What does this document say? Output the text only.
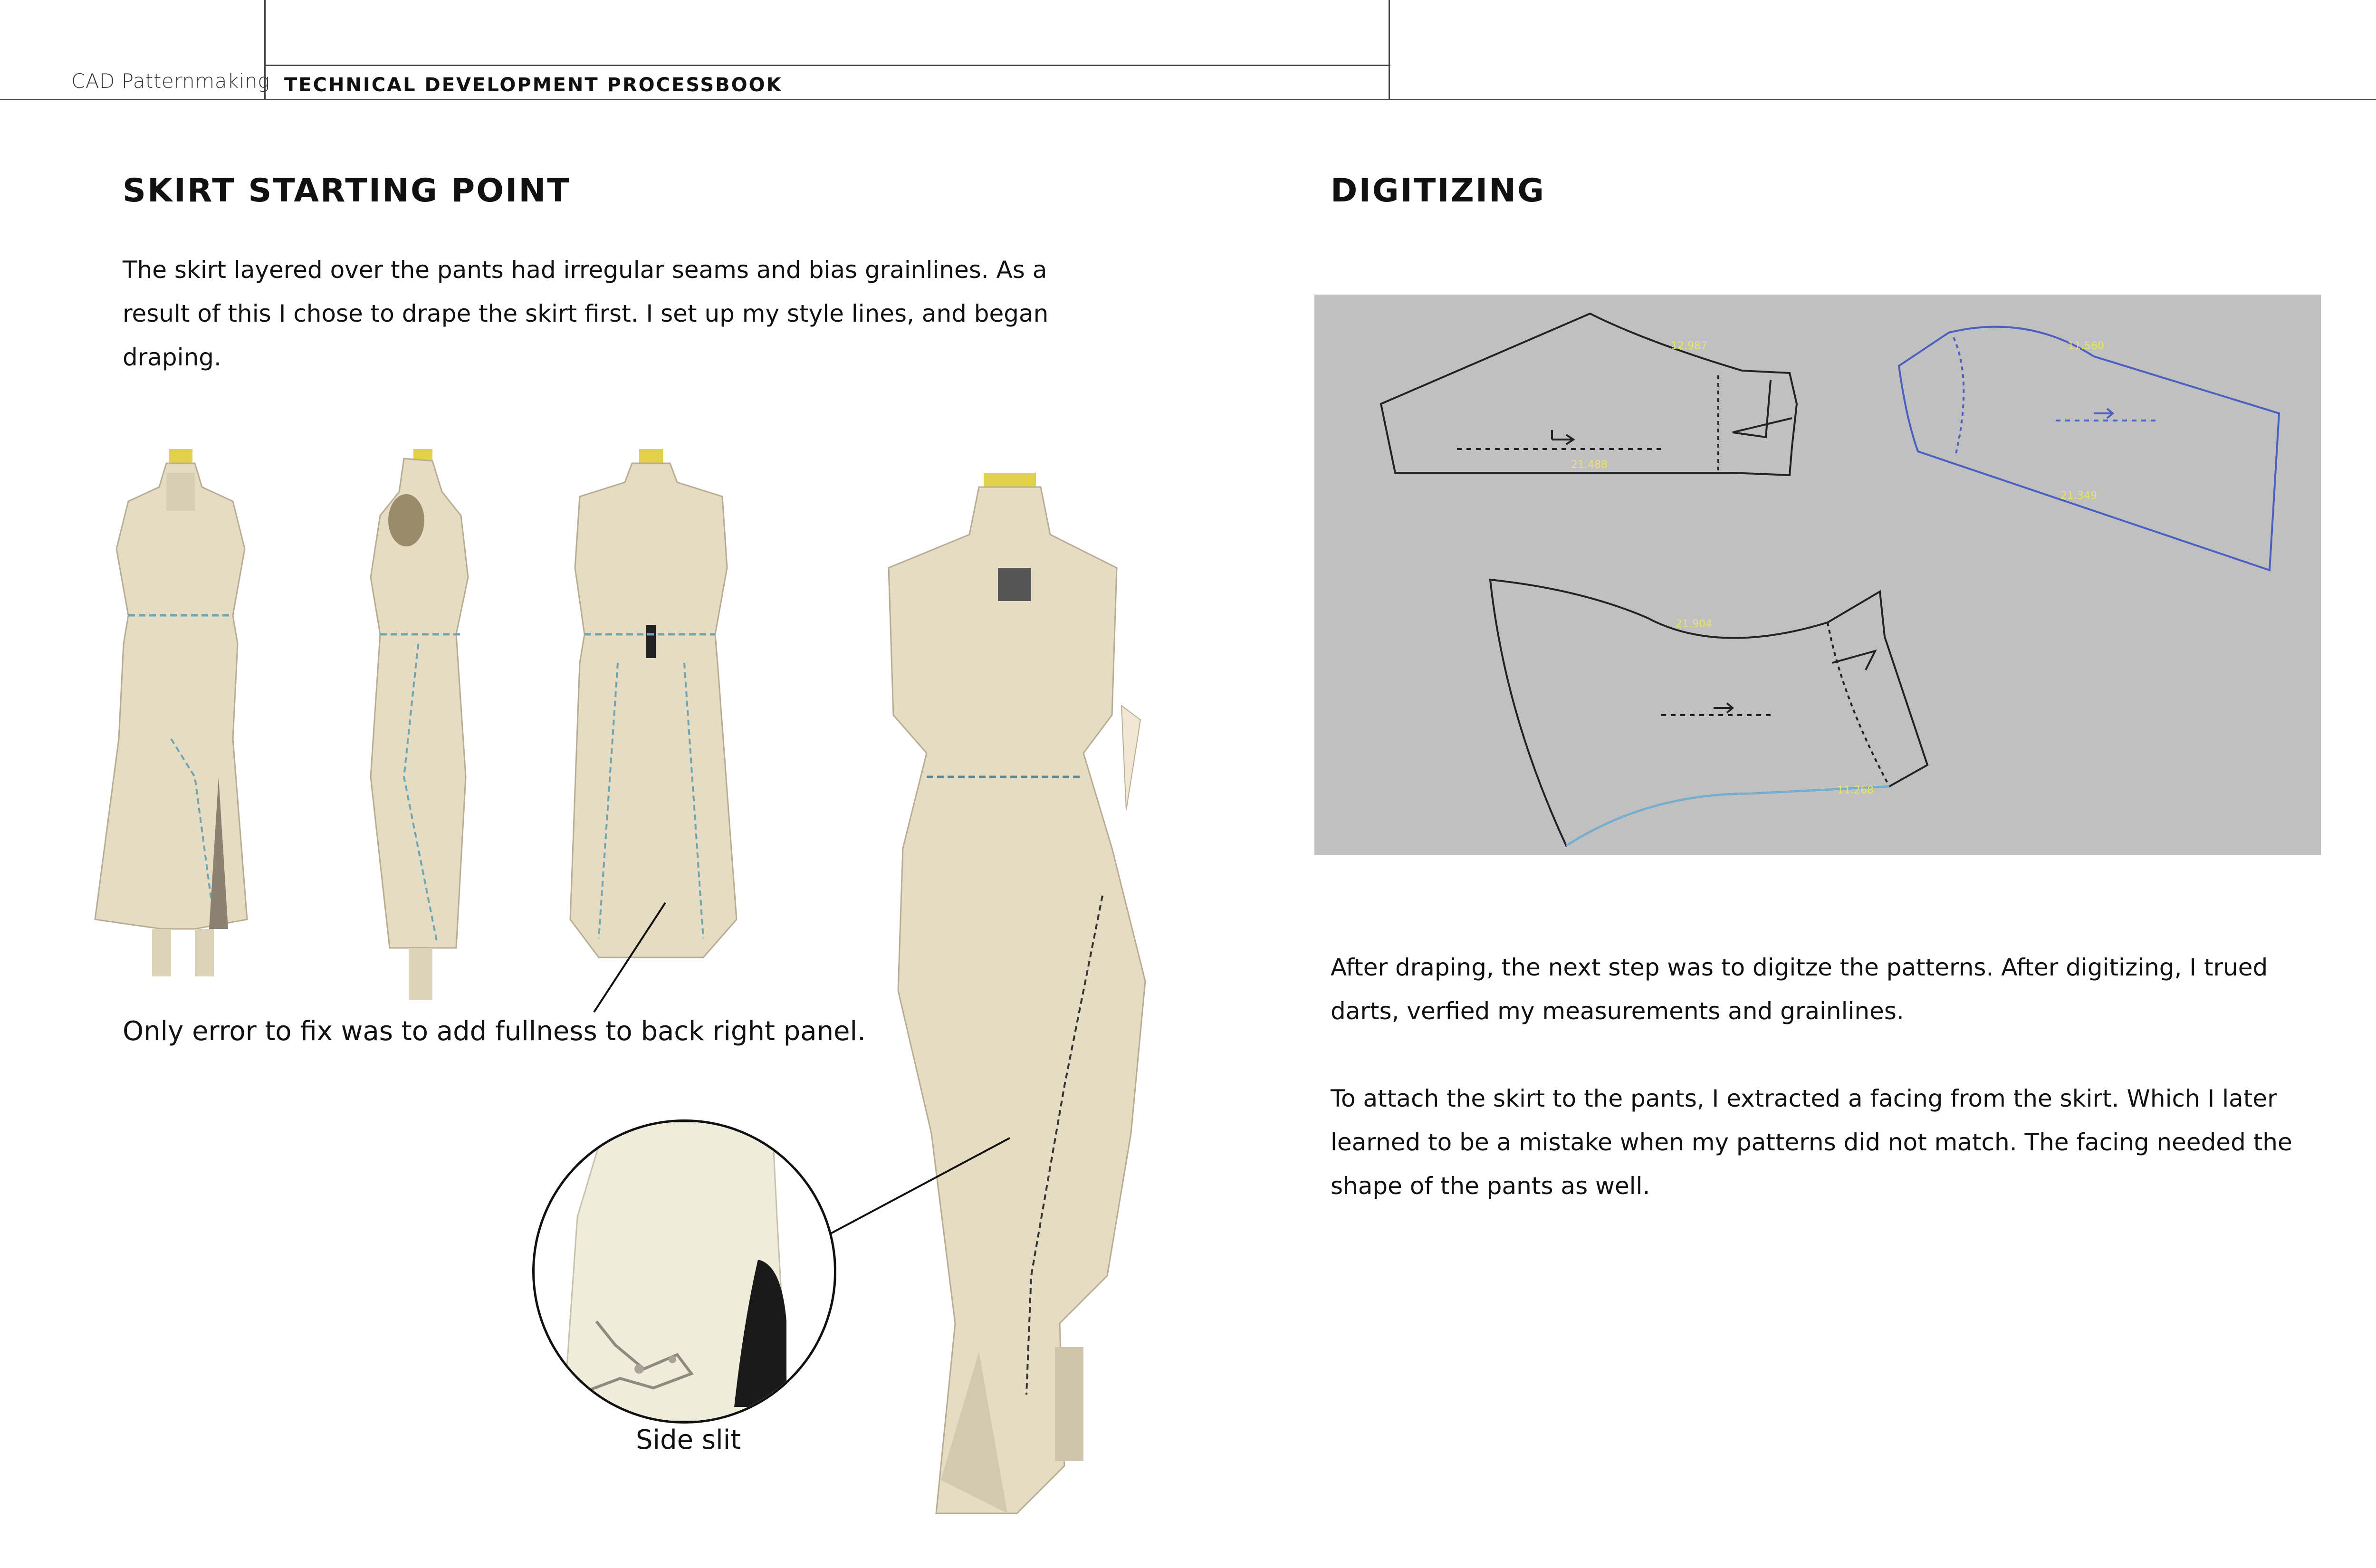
CAD Patternmaking TECHNICAL DEVELOPMENT PROCESSBOOK
SKIRT STARTING POINT
The skirt layered over the pants had irregular seams and bias grainlines. As a
result of this I chose to drape the skirt first. I set up my style lines, and began
draping.
Only error to fix was to add fullness to back right panel.
Side slit
DIGITIZING
12.987
21.488
11.560
21.349
21.904
11.268
After draping, the next step was to digitze the patterns. After digitizing, I trued
darts, verfied my measurements and grainlines.
To attach the skirt to the pants, I extracted a facing from the skirt. Which I later
learned to be a mistake when my patterns did not match. The facing needed the
shape of the pants as well.
